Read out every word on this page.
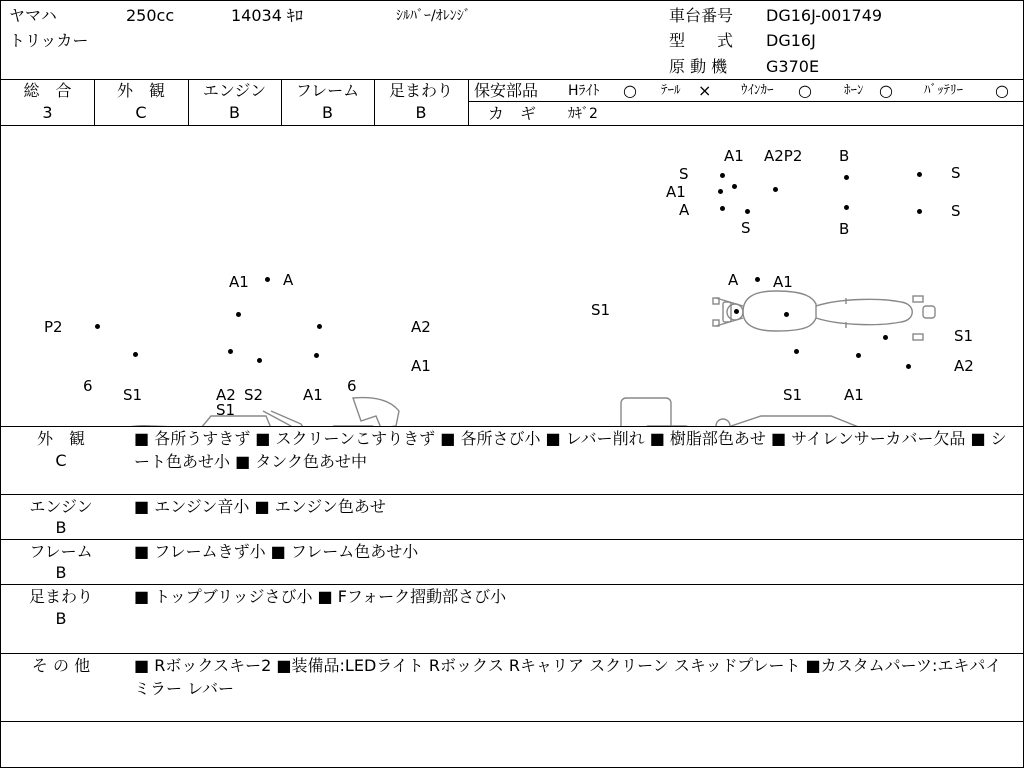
ヤマハ	250cc	14034 ｷﾛ	ｼﾙﾊﾞｰ/ｵﾚﾝｼﾞ
トリッカー
車台番号 DG16J-001749
型　　式 DG16J
原 動 機 G370E
総　合
3
外　観
C
エンジン
B
フレーム
B
足まわり
B
保安部品 Hﾗｲﾄ ○ ﾃｰﾙ × ｳｲﾝｶｰ ○ ﾎｰﾝ ○ ﾊﾞｯﾃﾘｰ ○
カ　ギ ｶｷﾞ2
A1 A2P2 B
S
A1
A
S
S
B
S
A1 A
P2	A2
6 S1	A2 S2
S1
A1 6
A1
A A1
S1
S1
A2
S1	A1
外　観
C
■ 各所うすきず ■ スクリーンこすりきず ■ 各所さび小 ■ レバー削れ ■ 樹脂部色あせ ■ サイレンサーカバー欠品 ■ シート色あせ小 ■ タンク色あせ中
エンジン
B
■ エンジン音小 ■ エンジン色あせ
フレーム
B
■ フレームきず小 ■ フレーム色あせ小
足まわり
B
■ トップブリッジさび小 ■ Fフォーク摺動部さび小
そ の 他	■ Rボックスキー2 ■装備品:LEDライト Rボックス Rキャリア スクリーン スキッドプレート ■カスタムパーツ:エキパイ ミラー レバー
